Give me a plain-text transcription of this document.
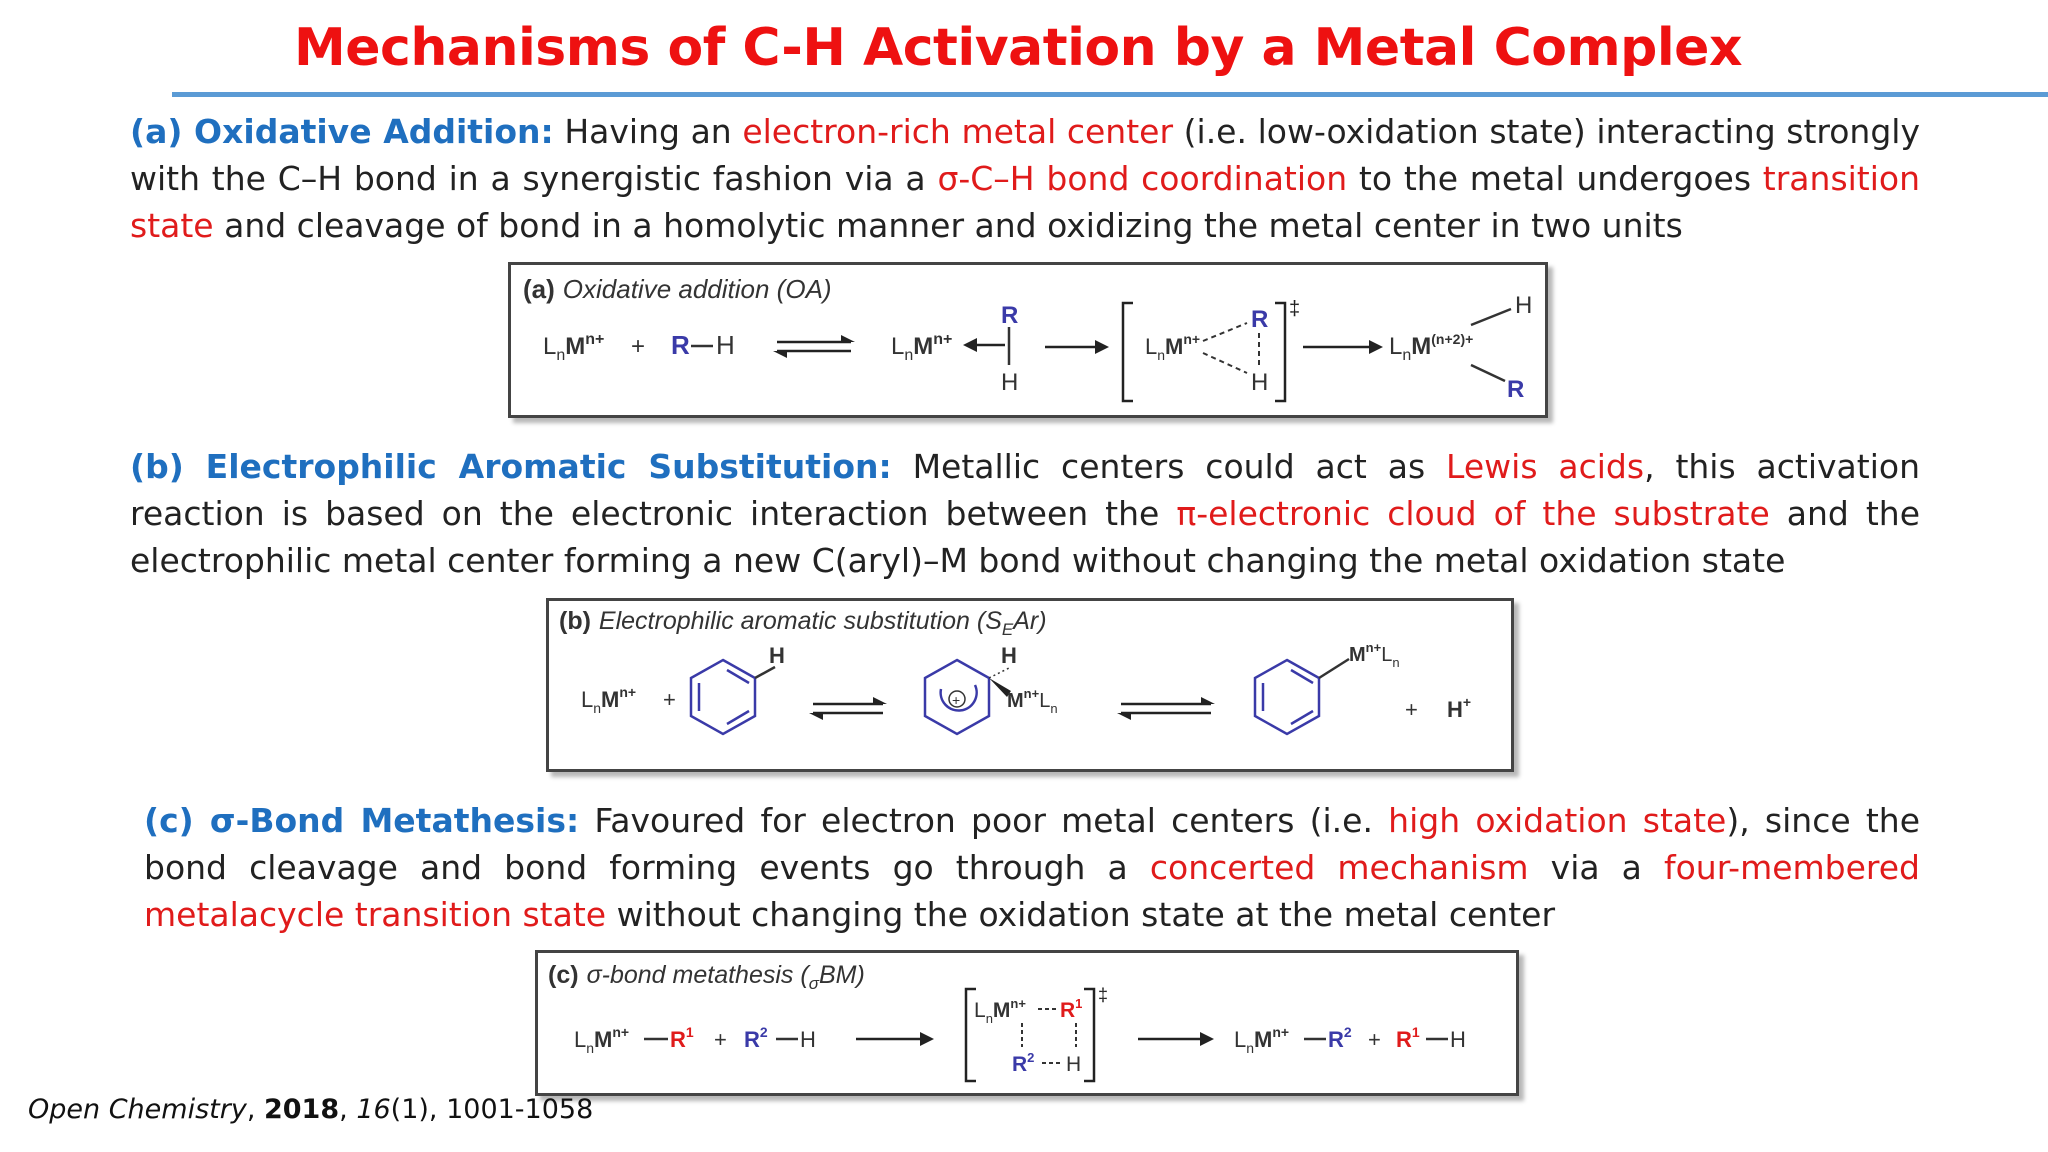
Mechanisms of C-H Activation by a Metal Complex
(a) Oxidative Addition: Having an electron-rich metal center (i.e. low-oxidation state) interacting strongly with the C–H bond in a synergistic fashion via a σ-C–H bond coordination to the metal undergoes transition state and cleavage of bond in a homolytic manner and oxidizing the metal center in two units
(a) Oxidative addition (OA)
$L_nM^{n+} + R$ H	$L_nM^{n+}$
R
H
$L_nM^{n+}$
R
H
‡
$L_nM^{(n+2)+}$
H
R
(b) Electrophilic Aromatic Substitution: Metallic centers could act as Lewis acids, this activation reaction is based on the electronic interaction between the π-electronic cloud of the substrate and the electrophilic metal center forming a new C(aryl)–M bond without changing the metal oxidation state
(b) Electrophilic aromatic substitution $(S_EAr)$
$L_nM^{n+}$ +
H
+
H
$M^{n+}L_n$
$M^{n+}L_n$
+ H+
(c) σ-Bond Metathesis: Favoured for electron poor metal centers (i.e. high oxidation state), since the bond cleavage and bond forming events go through a concerted mechanism via a four-membered metalacycle transition state without changing the oxidation state at the metal center
(c) σ-bond metathesis $(_\sigma BM)$
$L_nM^{n+}$ $R^1 + R^2$ H
$L_nM^{n+}$ $R^1$
$R^2$ H
‡
$L_nM^{n+}$ $R^2 + R^1$ H
Open Chemistry, 2018, 16(1), 1001-1058
